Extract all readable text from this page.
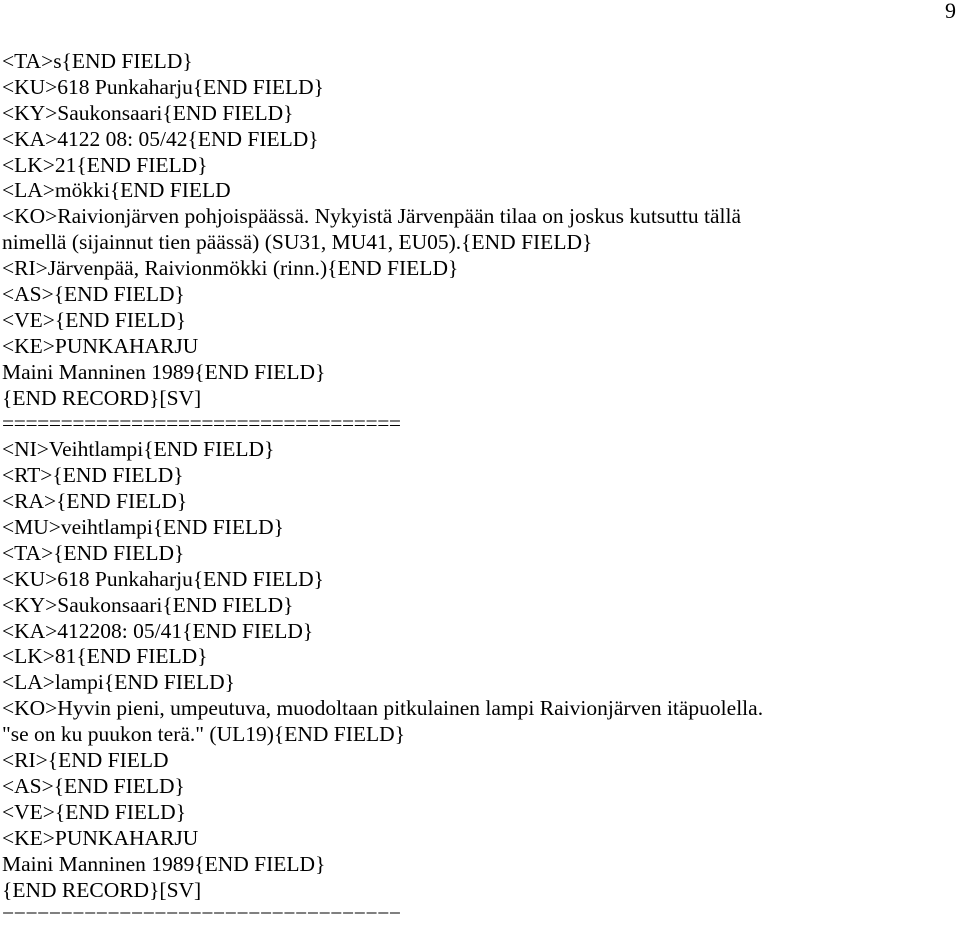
9
<TA>s{END FIELD}
<KU>618 Punkaharju{END FIELD}
<KY>Saukonsaari{END FIELD}
<KA>4122 08: 05/42{END FIELD}
<LK>21{END FIELD}
<LA>mökki{END FIELD
<KO>Raivionjärven pohjoispäässä. Nykyistä Järvenpään tilaa on joskus kutsuttu tällä
nimellä (sijainnut tien päässä) (SU31, MU41, EU05).{END FIELD}
<RI>Järvenpää, Raivionmökki (rinn.){END FIELD}
<AS>{END FIELD}
<VE>{END FIELD}
<KE>PUNKAHARJU
Maini Manninen 1989{END FIELD}
{END RECORD}[SV]
==================================
<NI>Veihtlampi{END FIELD}
<RT>{END FIELD}
<RA>{END FIELD}
<MU>veihtlampi{END FIELD}
<TA>{END FIELD}
<KU>618 Punkaharju{END FIELD}
<KY>Saukonsaari{END FIELD}
<KA>412208: 05/41{END FIELD}
<LK>81{END FIELD}
<LA>lampi{END FIELD}
<KO>Hyvin pieni, umpeutuva, muodoltaan pitkulainen lampi Raivionjärven itäpuolella.
"se on ku puukon terä." (UL19){END FIELD}
<RI>{END FIELD
<AS>{END FIELD}
<VE>{END FIELD}
<KE>PUNKAHARJU
Maini Manninen 1989{END FIELD}
{END RECORD}[SV]
==================================
